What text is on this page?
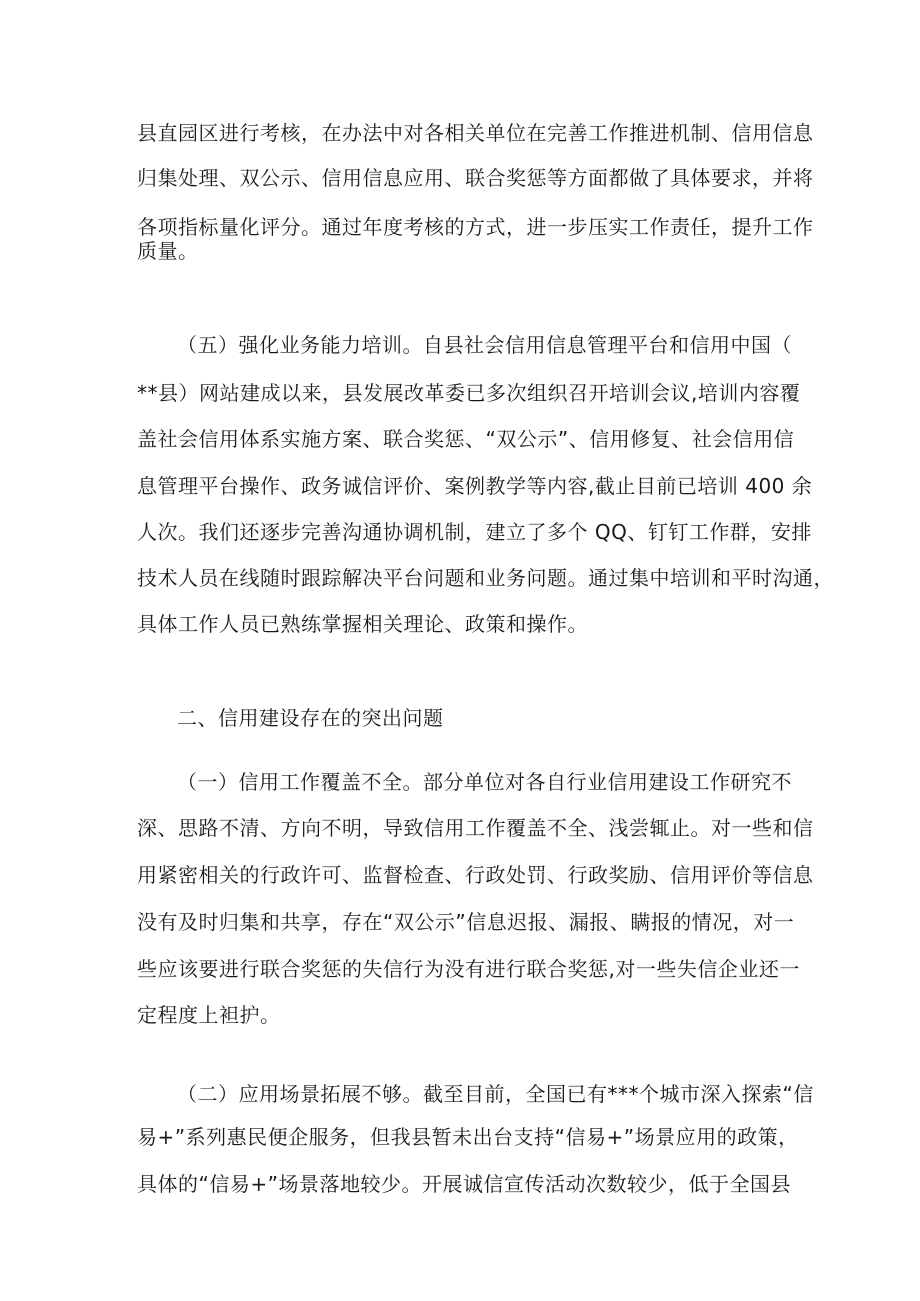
县直园区进行考核，在办法中对各相关单位在完善工作推进机制、信用信息
归集处理、双公示、信用信息应用、联合奖惩等方面都做了具体要求，并将
各项指标量化评分。通过年度考核的方式，进一步压实工作责任，提升工作
质量。
（五）强化业务能力培训。自县社会信用信息管理平台和信用中国（
**县）网站建成以来，县发展改革委已多次组织召开培训会议,培训内容覆
盖社会信用体系实施方案、联合奖惩、“双公示”、信用修复、社会信用信
息管理平台操作、政务诚信评价、案例教学等内容,截止目前已培训 400 余
人次。我们还逐步完善沟通协调机制，建立了多个 QQ、钉钉工作群，安排
技术人员在线随时跟踪解决平台问题和业务问题。通过集中培训和平时沟通，
具体工作人员已熟练掌握相关理论、政策和操作。
二、信用建设存在的突出问题
（一）信用工作覆盖不全。部分单位对各自行业信用建设工作研究不
深、思路不清、方向不明，导致信用工作覆盖不全、浅尝辄止。对一些和信
用紧密相关的行政许可、监督检查、行政处罚、行政奖励、信用评价等信息
没有及时归集和共享，存在“双公示”信息迟报、漏报、瞒报的情况，对一
些应该要进行联合奖惩的失信行为没有进行联合奖惩,对一些失信企业还一
定程度上袒护。
（二）应用场景拓展不够。截至目前，全国已有***个城市深入探索“信
易+”系列惠民便企服务，但我县暂未出台支持“信易+”场景应用的政策，
具体的“信易+”场景落地较少。开展诚信宣传活动次数较少，低于全国县
